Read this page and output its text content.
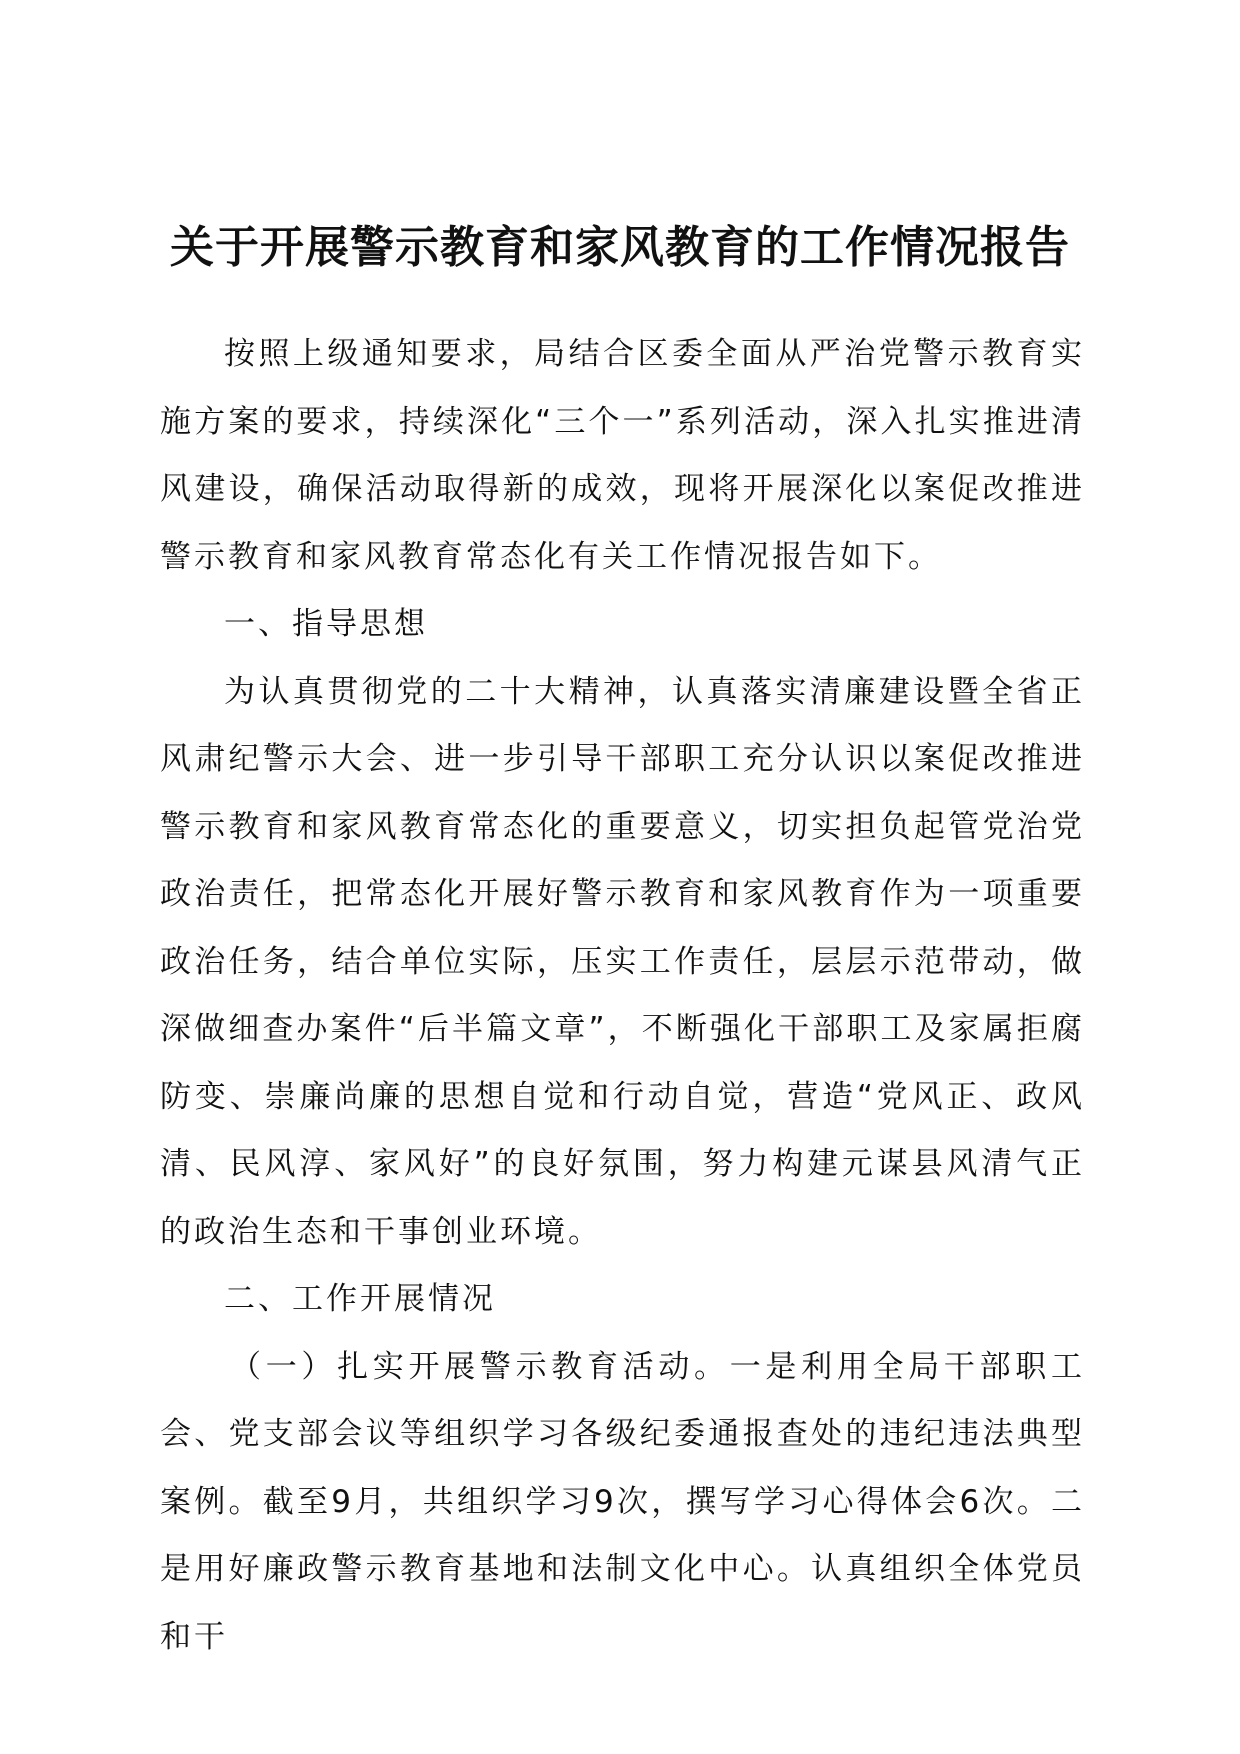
关于开展警示教育和家风教育的工作情况报告

按照上级通知要求，局结合区委全面从严治党警示教育实施方案的要求，持续深化“三个一”系列活动，深入扎实推进清风建设，确保活动取得新的成效，现将开展深化以案促改推进警示教育和家风教育常态化有关工作情况报告如下。

一、指导思想

为认真贯彻党的二十大精神，认真落实清廉建设暨全省正风肃纪警示大会、进一步引导干部职工充分认识以案促改推进警示教育和家风教育常态化的重要意义，切实担负起管党治党政治责任，把常态化开展好警示教育和家风教育作为一项重要政治任务，结合单位实际，压实工作责任，层层示范带动，做深做细查办案件“后半篇文章”，不断强化干部职工及家属拒腐防变、崇廉尚廉的思想自觉和行动自觉，营造“党风正、政风清、民风淳、家风好”的良好氛围，努力构建元谋县风清气正的政治生态和干事创业环境。

二、工作开展情况

（一）扎实开展警示教育活动。一是利用全局干部职工会、党支部会议等组织学习各级纪委通报查处的违纪违法典型案例。截至9月，共组织学习9次，撰写学习心得体会6次。二是用好廉政警示教育基地和法制文化中心。认真组织全体党员和干
